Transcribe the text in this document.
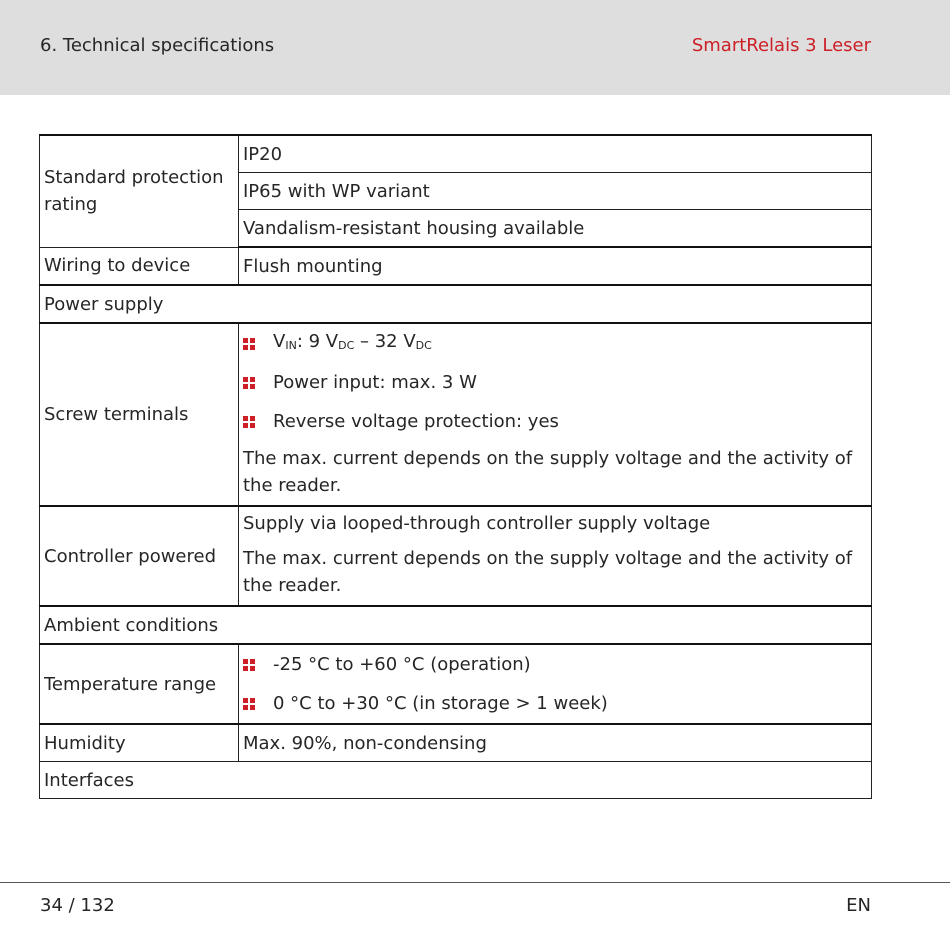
6. Technical specifications	SmartRelais 3 Leser
Standard protection rating	IP20
	IP65 with WP variant
	Vandalism-resistant housing available
Wiring to device	Flush mounting
Power supply	
Screw terminals	$V_{IN}$: 9 $V_{DC} - 32$ $V_{DC}$
Power input: max. 3 W
Reverse voltage protection: yes
The max. current depends on the supply voltage and the activity of the reader.

Controller powered	Supply via looped-through controller supply voltage
The max. current depends on the supply voltage and the activity of the reader.

Ambient conditions	
Temperature range	-25 °C to +60 °C (operation)
0 °C to +30 °C (in storage > 1 week)

Humidity	Max. 90%, non-condensing
Interfaces	
34 / 132	EN
